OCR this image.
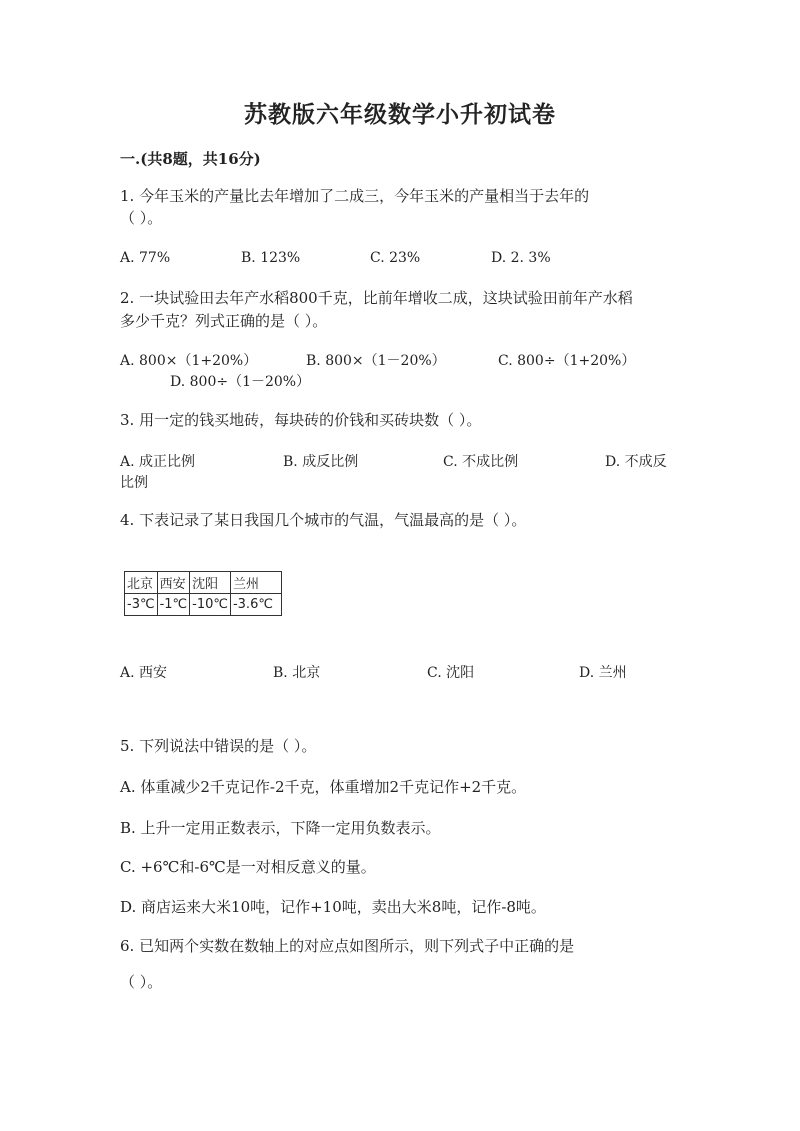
苏教版六年级数学小升初试卷
一.(共8题，共16分)
1. 今年玉米的产量比去年增加了二成三，今年玉米的产量相当于去年的
（ ）。
A. 77%	B. 123%	C. 23%	D. 2. 3%
2. 一块试验田去年产水稻800千克，比前年增收二成，这块试验田前年产水稻
多少千克？列式正确的是（ ）。
A. 800×（1+20%）	B. 800×（1－20%）	C. 800÷（1+20%）
D. 800÷（1－20%）
3. 用一定的钱买地砖，每块砖的价钱和买砖块数（ ）。
A. 成正比例	B. 成反比例	C. 不成比例	D. 不成反
比例
4. 下表记录了某日我国几个城市的气温，气温最高的是（ ）。
北京	西安	沈阳	兰州
-3℃	-1℃	-10℃	-3.6℃
A. 西安	B. 北京	C. 沈阳	D. 兰州
5. 下列说法中错误的是（ ）。
A. 体重减少2千克记作-2千克，体重增加2千克记作+2千克。
B. 上升一定用正数表示，下降一定用负数表示。
C. +6℃和-6℃是一对相反意义的量。
D. 商店运来大米10吨，记作+10吨，卖出大米8吨，记作-8吨。
6. 已知两个实数在数轴上的对应点如图所示，则下列式子中正确的是
（ ）。
